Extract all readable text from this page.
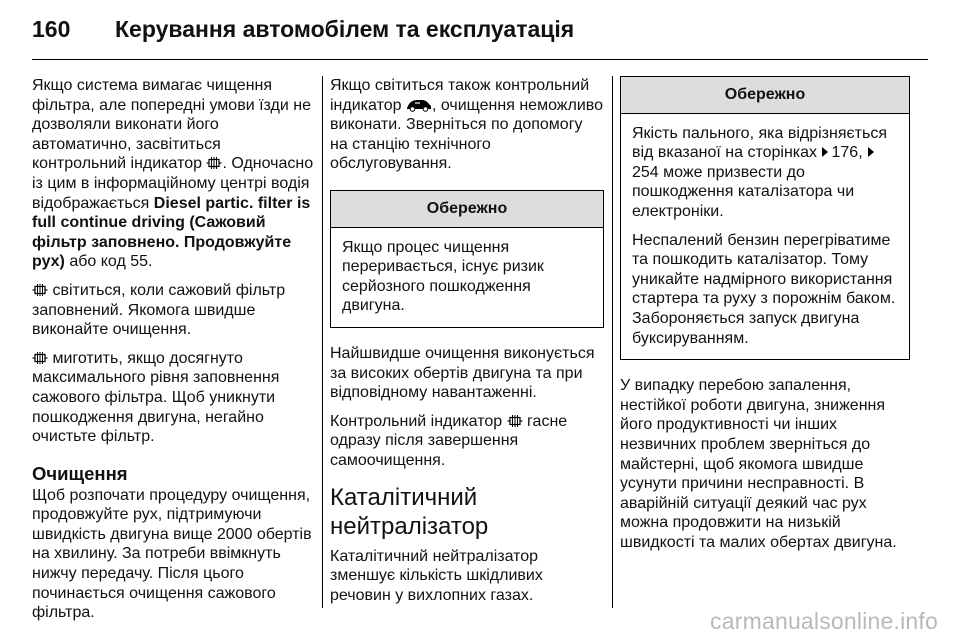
160	Керування автомобілем та експлуатація

Якщо система вимагає чищення фільтра, але попередні умови їзди не дозволяли виконати його автоматично, засвітиться контрольний індикатор . Одночасно із цим в інформаційному центрі водія відображається Diesel partic. filter is full continue driving (Сажовий фільтр заповнено. Продовжуйте рух) або код 55.

світиться, коли сажовий фільтр заповнений. Якомога швидше виконайте очищення.

миготить, якщо досягнуто максимального рівня заповнення сажового фільтра. Щоб уникнути пошкодження двигуна, негайно очистьте фільтр.

Очищення

Щоб розпочати процедуру очищення, продовжуйте рух, підтримуючи швидкість двигуна вище 2000 обертів на хвилину. За потреби ввімкнуть нижчу передачу. Після цього починається очищення сажового фільтра.

Якщо світиться також контрольний індикатор , очищення неможливо виконати. Зверніться по допомогу на станцію технічного обслуговування.

Обережно

Якщо процес чищення переривається, існує ризик серйозного пошкодження двигуна.

Найшвидше очищення виконується за високих обертів двигуна та при відповідному навантаженні.

Контрольний індикатор  гасне одразу після завершення самоочищення.

Каталітичний нейтралізатор

Каталітичний нейтралізатор зменшує кількість шкідливих речовин у вихлопних газах.

Обережно

Якість пального, яка відрізняється від вказаної на сторінках 176, 254 може призвести до пошкодження каталізатора чи електроніки.

Неспалений бензин перегріватиме та пошкодить каталізатор. Тому уникайте надмірного використання стартера та руху з порожнім баком. Забороняється запуск двигуна буксируванням.

У випадку перебою запалення, нестійкої роботи двигуна, зниження його продуктивності чи інших незвичних проблем зверніться до майстерні, щоб якомога швидше усунути причини несправності. В аварійній ситуації деякий час рух можна продовжити на низькій швидкості та малих обертах двигуна.

carmanualsonline.info
